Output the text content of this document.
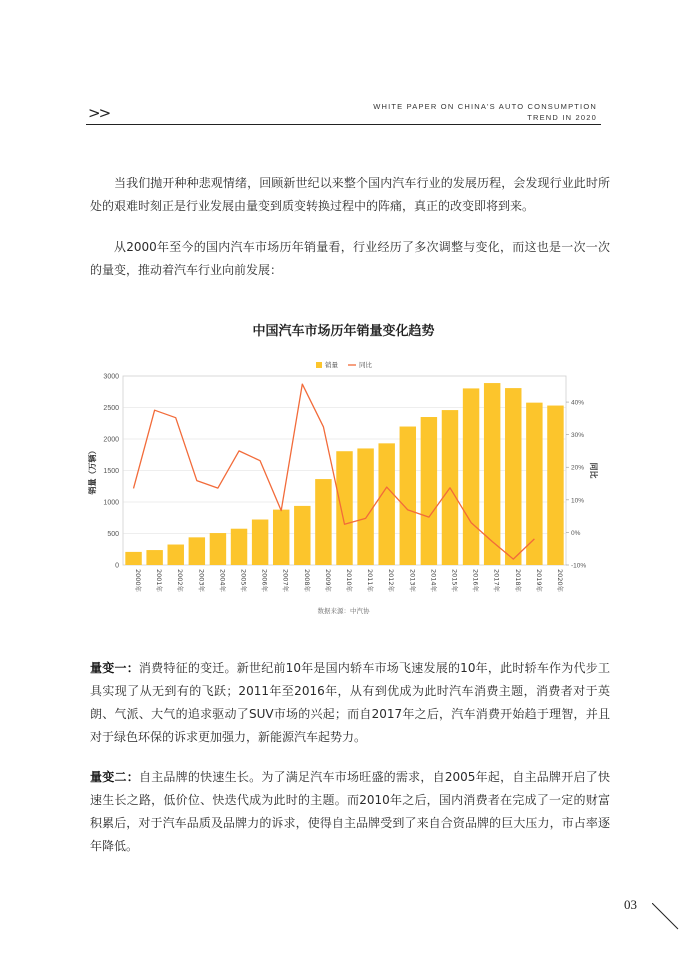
>>	WHITE PAPER ON CHINA'S AUTO CONSUMPTION
TREND IN 2020
当我们抛开种种悲观情绪，回顾新世纪以来整个国内汽车行业的发展历程，会发现行业此时所处的艰难时刻正是行业发展由量变到质变转换过程中的阵痛，真正的改变即将到来。
从2000年至今的国内汽车市场历年销量看，行业经历了多次调整与变化，而这也是一次一次的量变，推动着汽车行业向前发展：
中国汽车市场历年销量变化趋势
0
500
1000
1500
2000
2500
3000
-10%
0%
10%
20%
30%
40%
2000年 2001年 2002年 2003年 2004年 2005年 2006年 2007年 2008年 2009年 2010年 2011年 2012年 2013年 2014年 2015年 2016年 2017年 2018年 2019年 2020年
销量（万辆）	同比
销量	同比
数据来源：中汽协
量变一：消费特征的变迁。新世纪前10年是国内轿车市场飞速发展的10年，此时轿车作为代步工具实现了从无到有的飞跃；2011年至2016年，从有到优成为此时汽车消费主题，消费者对于英朗、气派、大气的追求驱动了SUV市场的兴起；而自2017年之后，汽车消费开始趋于理智，并且对于绿色环保的诉求更加强力，新能源汽车起势力。
量变二：自主品牌的快速生长。为了满足汽车市场旺盛的需求，自2005年起，自主品牌开启了快速生长之路，低价位、快迭代成为此时的主题。而2010年之后，国内消费者在完成了一定的财富积累后，对于汽车品质及品牌力的诉求，使得自主品牌受到了来自合资品牌的巨大压力，市占率逐年降低。
03
